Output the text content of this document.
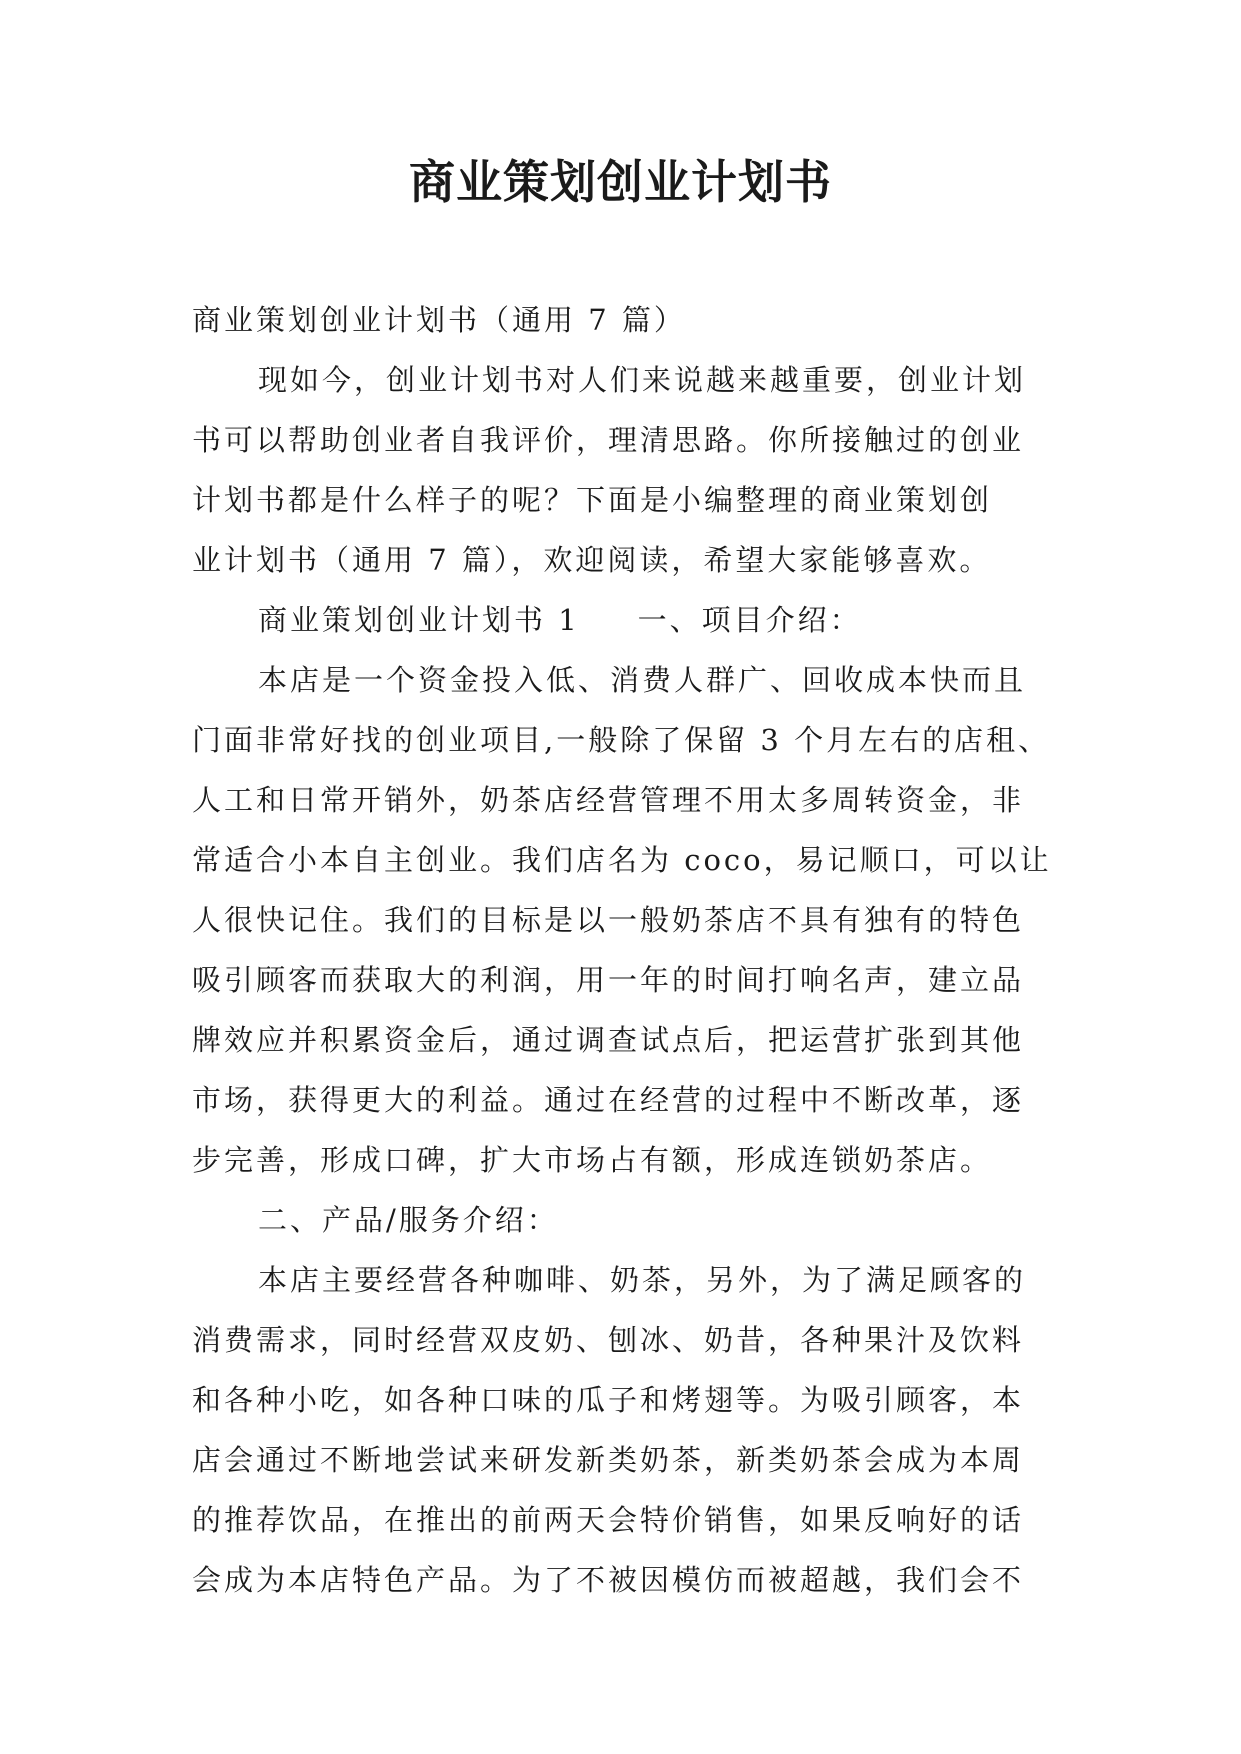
商业策划创业计划书

商业策划创业计划书（通用 7 篇）

现如今，创业计划书对人们来说越来越重要，创业计划
书可以帮助创业者自我评价，理清思路。你所接触过的创业
计划书都是什么样子的呢？下面是小编整理的商业策划创
业计划书（通用 7 篇），欢迎阅读，希望大家能够喜欢。
商业策划创业计划书 1 一、项目介绍：
本店是一个资金投入低、消费人群广、回收成本快而且
门面非常好找的创业项目,一般除了保留 3 个月左右的店租、
人工和日常开销外，奶茶店经营管理不用太多周转资金，非
常适合小本自主创业。我们店名为 coco，易记顺口，可以让
人很快记住。我们的目标是以一般奶茶店不具有独有的特色
吸引顾客而获取大的利润，用一年的时间打响名声，建立品
牌效应并积累资金后，通过调查试点后，把运营扩张到其他
市场，获得更大的利益。通过在经营的过程中不断改革，逐
步完善，形成口碑，扩大市场占有额，形成连锁奶茶店。
二、产品/服务介绍：
本店主要经营各种咖啡、奶茶，另外，为了满足顾客的
消费需求，同时经营双皮奶、刨冰、奶昔，各种果汁及饮料
和各种小吃，如各种口味的瓜子和烤翅等。为吸引顾客，本
店会通过不断地尝试来研发新类奶茶，新类奶茶会成为本周
的推荐饮品，在推出的前两天会特价销售，如果反响好的话
会成为本店特色产品。为了不被因模仿而被超越，我们会不
